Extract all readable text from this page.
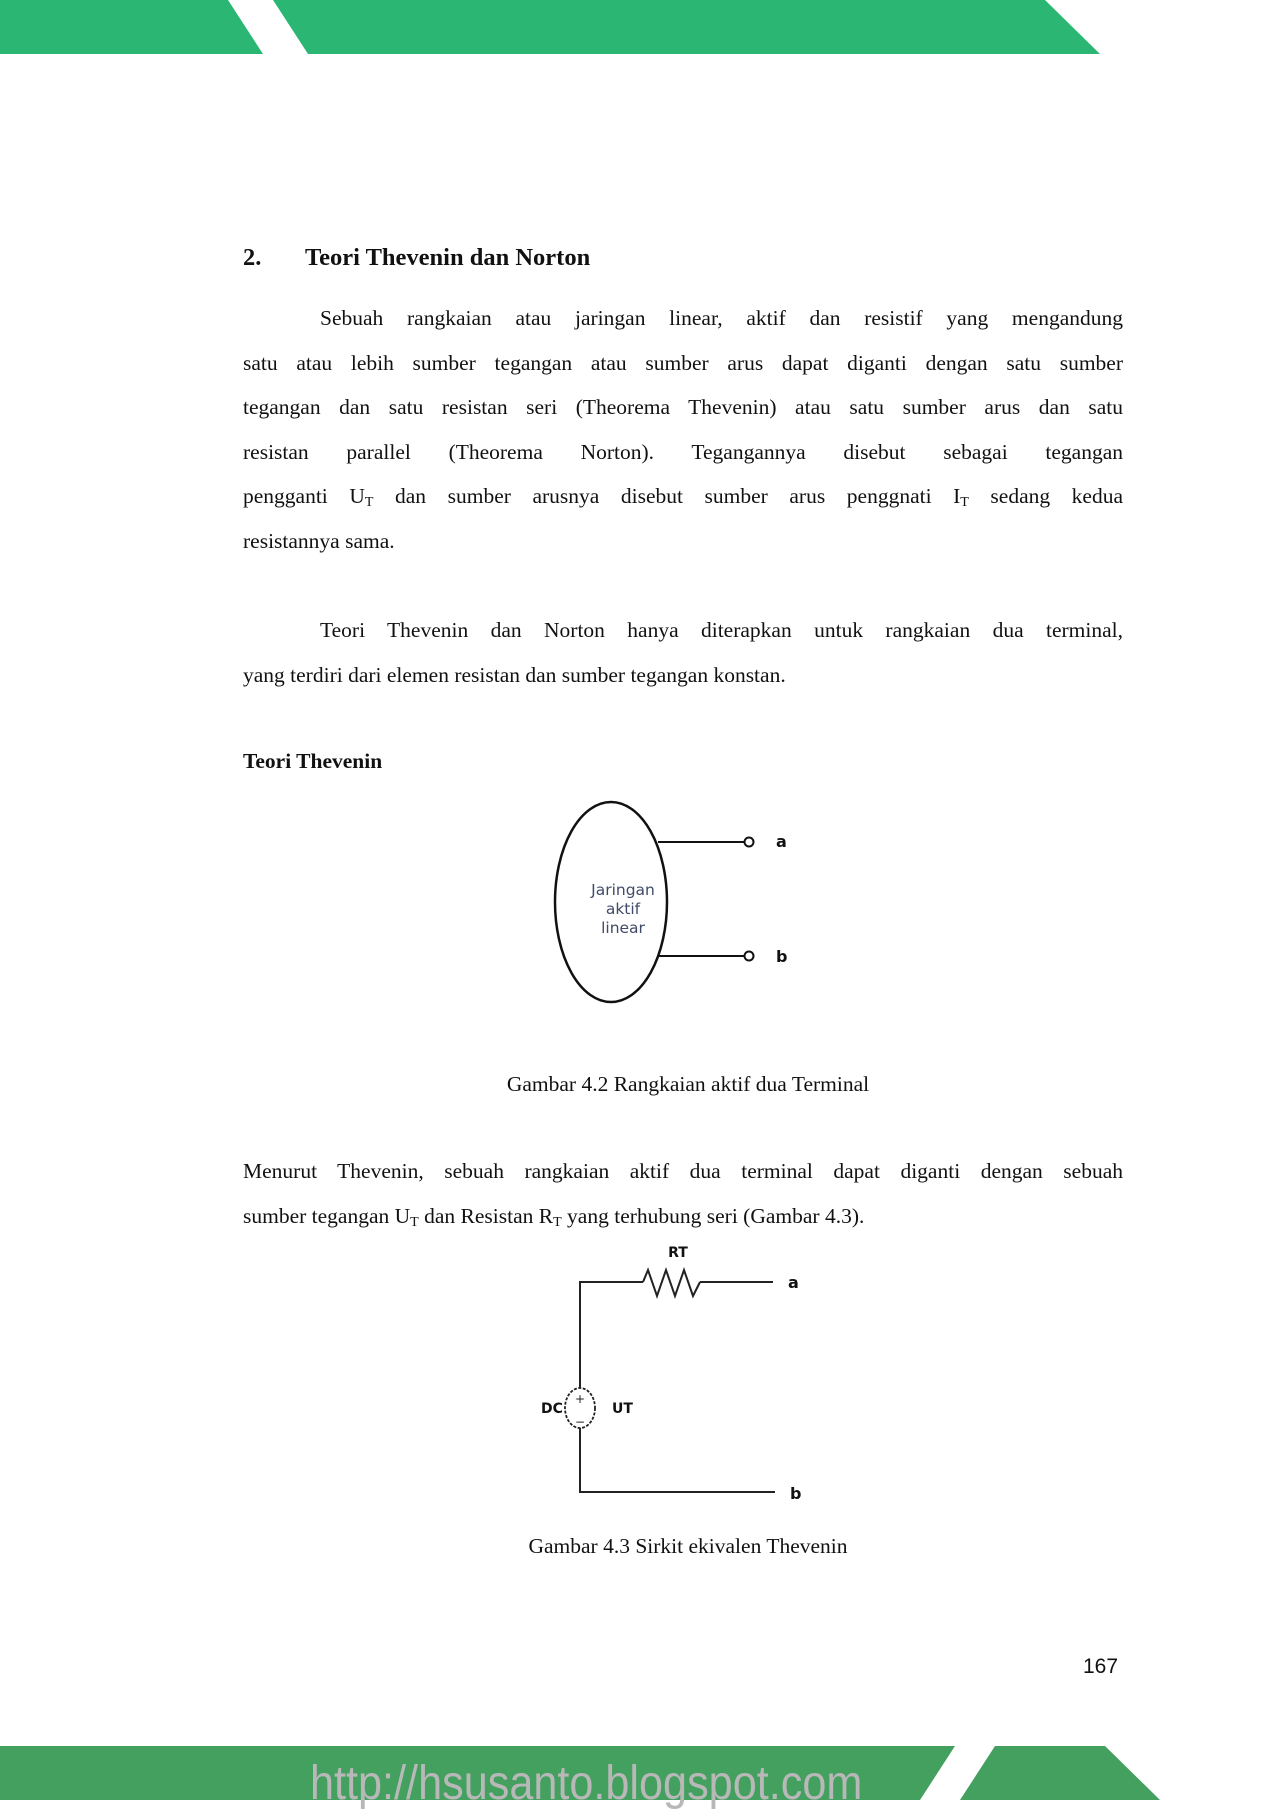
2. Teori Thevenin dan Norton
Sebuah rangkaian atau jaringan linear, aktif dan resistif yang mengandung
satu atau lebih sumber tegangan atau sumber arus dapat diganti dengan satu sumber
tegangan dan satu resistan seri (Theorema Thevenin) atau satu sumber arus dan satu
resistan parallel (Theorema Norton). Tegangannya disebut sebagai tegangan
pengganti $U_T$ dan sumber arusnya disebut sumber arus penggnati $I_T$ sedang kedua
resistannya sama.
Teori Thevenin dan Norton hanya diterapkan untuk rangkaian dua terminal,
yang terdiri dari elemen resistan dan sumber tegangan konstan.
Teori Thevenin
Jaringan
aktif
linear
a
b
Gambar 4.2 Rangkaian aktif dua Terminal
Menurut Thevenin, sebuah rangkaian aktif dua terminal dapat diganti dengan sebuah
sumber tegangan $U_T$ dan Resistan $R_T$ yang terhubung seri (Gambar 4.3).
RT
a
+
−
DC	UT
b
Gambar 4.3 Sirkit ekivalen Thevenin
167
http://hsusanto.blogspot.com
